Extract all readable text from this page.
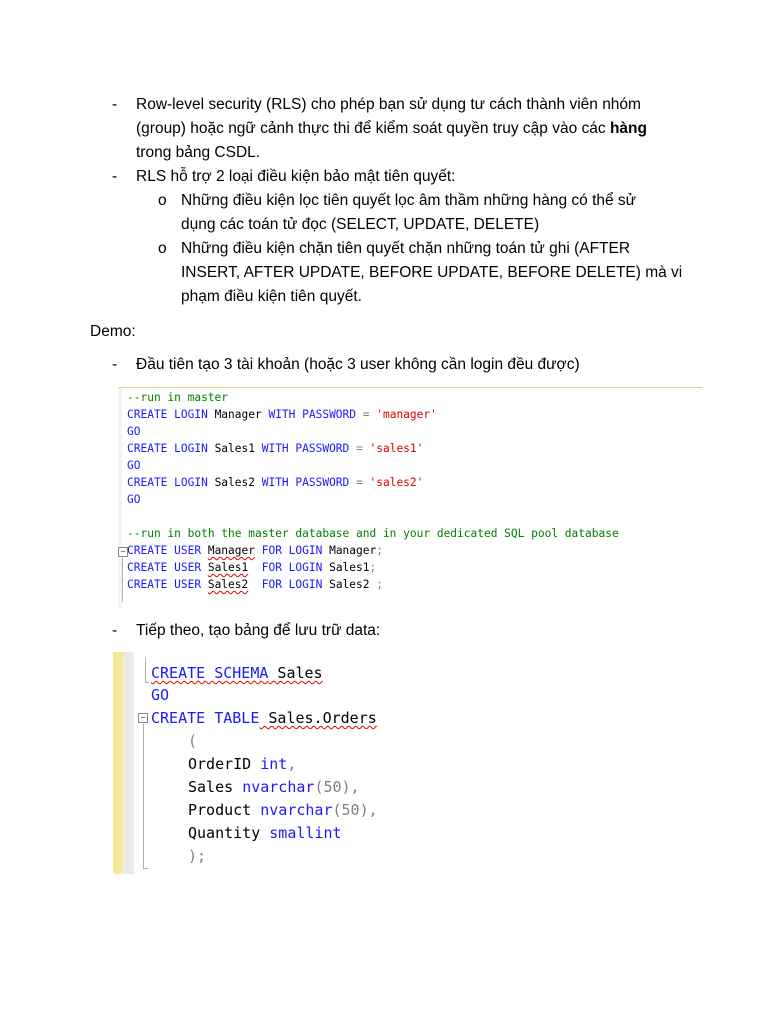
- Row-level security (RLS) cho phép bạn sử dụng tư cách thành viên nhóm
(group) hoặc ngữ cảnh thực thi để kiểm soát quyền truy cập vào các hàng
trong bảng CSDL.
- RLS hỗ trợ 2 loại điều kiện bảo mật tiên quyết:
o Những điều kiện lọc tiên quyết lọc âm thầm những hàng có thể sử
dụng các toán tử đọc (SELECT, UPDATE, DELETE)
o Những điều kiện chặn tiên quyết chặn những toán tử ghi (AFTER
INSERT, AFTER UPDATE, BEFORE UPDATE, BEFORE DELETE) mà vi
phạm điều kiện tiên quyết.
Demo:
- Đầu tiên tạo 3 tài khoản (hoặc 3 user không cần login đều được)
--run in master
CREATE LOGIN Manager WITH PASSWORD = 'manager'
GO
CREATE LOGIN Sales1 WITH PASSWORD = 'sales1'
GO
CREATE LOGIN Sales2 WITH PASSWORD = 'sales2'
GO
--run in both the master database and in your dedicated SQL pool database
− CREATE USER Manager FOR LOGIN Manager;
CREATE USER Sales1  FOR LOGIN Sales1;
CREATE USER Sales2  FOR LOGIN Sales2 ;
- Tiếp theo, tạo bảng để lưu trữ data:
CREATE SCHEMA Sales
GO
− CREATE TABLE Sales.Orders
(
OrderID int,
Sales nvarchar(50),
Product nvarchar(50),
Quantity smallint
);
